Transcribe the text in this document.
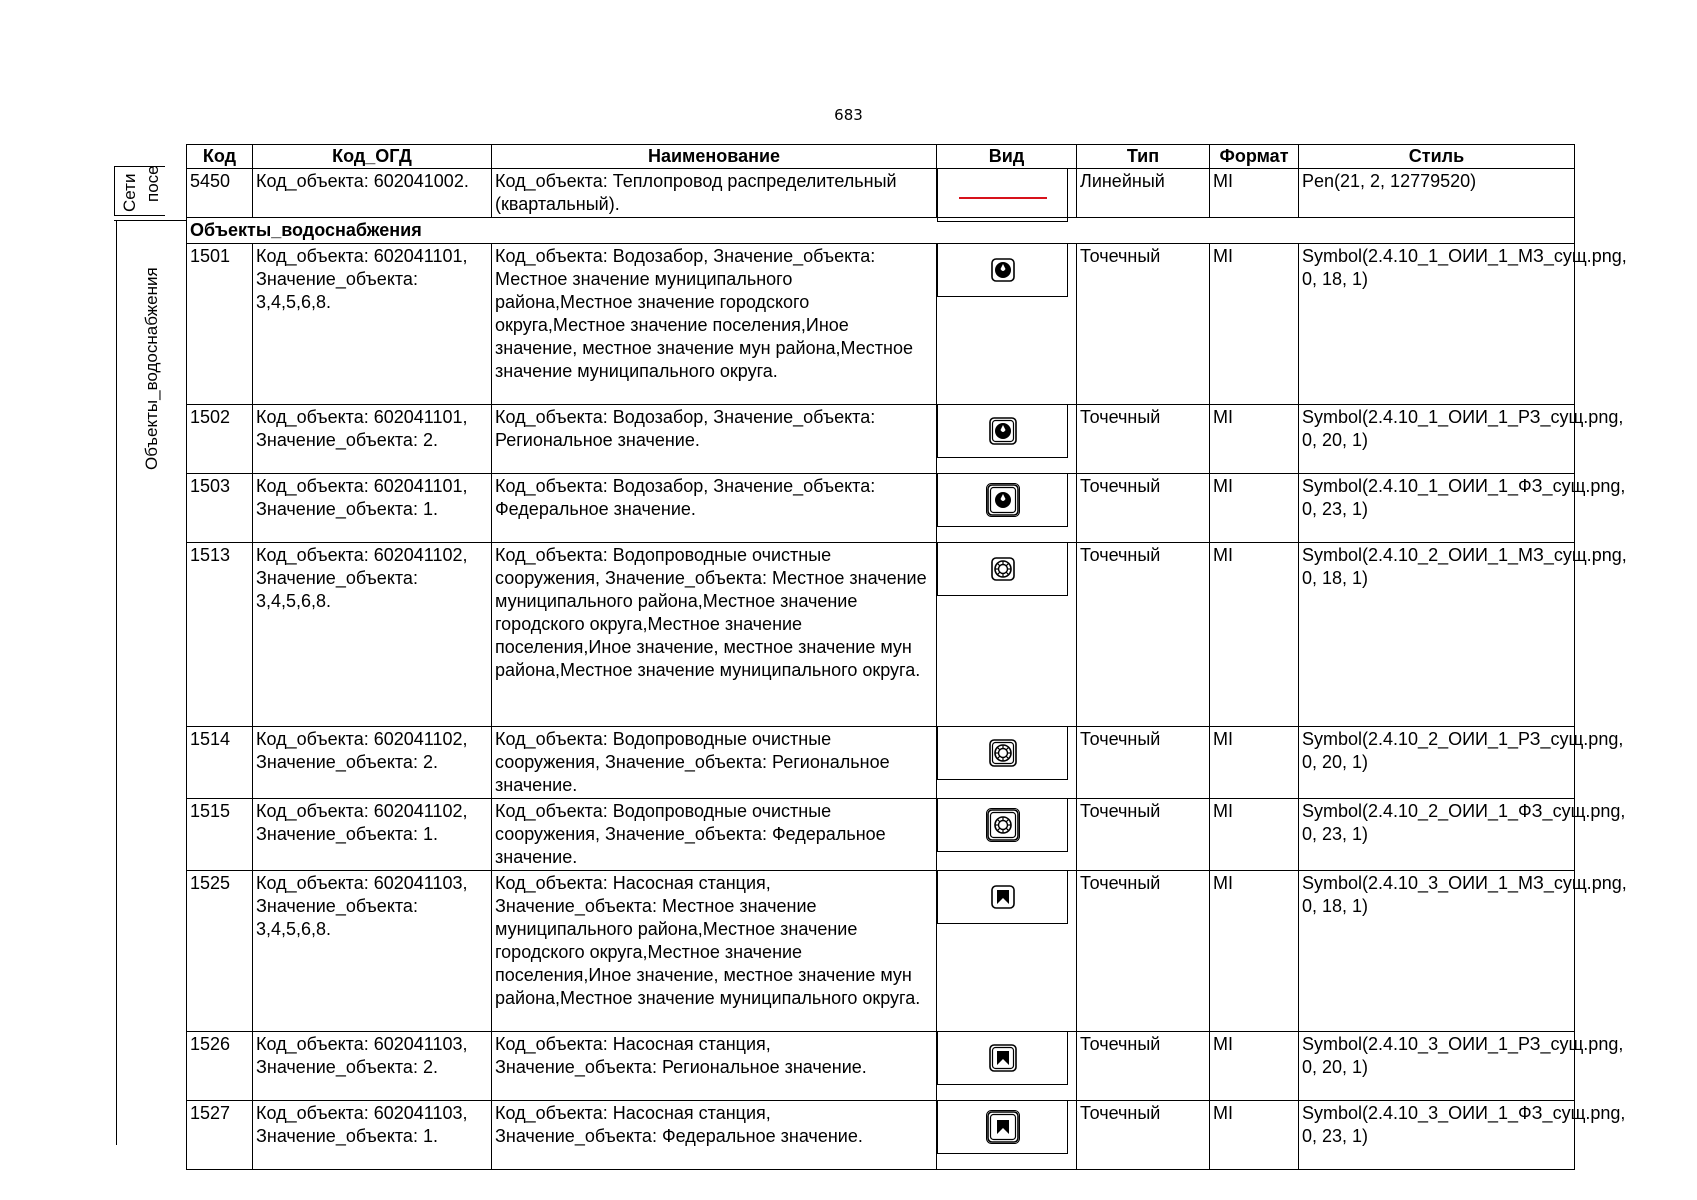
683
Сети посе
Объекты_водоснабжения
Код	Код_ОГД	Наименование	Вид	Тип	Формат	Стиль
5450	Код_объекта: 602041002.	Код_объекта: Теплопровод распределительный (квартальный).		Линейный	MI	Pen(21, 2, 12779520)
Объекты_водоснабжения						
1501	Код_объекта: 602041101, Значение_объекта: 3,4,5,6,8.	Код_объекта: Водозабор, Значение_объекта: Местное значение муниципального района,Местное значение городского округа,Местное значение поселения,Иное значение, местное значение мун района,Местное значение муниципального округа.		Точечный	MI	Symbol(2.4.10_1_ОИИ_1_МЗ_сущ.png, 0, 18, 1)
1502	Код_объекта: 602041101, Значение_объекта: 2.	Код_объекта: Водозабор, Значение_объекта: Региональное значение.		Точечный	MI	Symbol(2.4.10_1_ОИИ_1_РЗ_сущ.png, 0, 20, 1)
1503	Код_объекта: 602041101, Значение_объекта: 1.	Код_объекта: Водозабор, Значение_объекта: Федеральное значение.		Точечный	MI	Symbol(2.4.10_1_ОИИ_1_ФЗ_сущ.png, 0, 23, 1)
1513	Код_объекта: 602041102, Значение_объекта: 3,4,5,6,8.	Код_объекта: Водопроводные очистные сооружения, Значение_объекта: Местное значение муниципального района,Местное значение городского округа,Местное значение поселения,Иное значение, местное значение мун района,Местное значение муниципального округа.		Точечный	MI	Symbol(2.4.10_2_ОИИ_1_МЗ_сущ.png, 0, 18, 1)
1514	Код_объекта: 602041102, Значение_объекта: 2.	Код_объекта: Водопроводные очистные сооружения, Значение_объекта: Региональное значение.		Точечный	MI	Symbol(2.4.10_2_ОИИ_1_РЗ_сущ.png, 0, 20, 1)
1515	Код_объекта: 602041102, Значение_объекта: 1.	Код_объекта: Водопроводные очистные сооружения, Значение_объекта: Федеральное значение.		Точечный	MI	Symbol(2.4.10_2_ОИИ_1_ФЗ_сущ.png, 0, 23, 1)
1525	Код_объекта: 602041103, Значение_объекта: 3,4,5,6,8.	Код_объекта: Насосная станция, Значение_объекта: Местное значение муниципального района,Местное значение городского округа,Местное значение поселения,Иное значение, местное значение мун района,Местное значение муниципального округа.		Точечный	MI	Symbol(2.4.10_3_ОИИ_1_МЗ_сущ.png, 0, 18, 1)
1526	Код_объекта: 602041103, Значение_объекта: 2.	Код_объекта: Насосная станция, Значение_объекта: Региональное значение.		Точечный	MI	Symbol(2.4.10_3_ОИИ_1_РЗ_сущ.png, 0, 20, 1)
1527	Код_объекта: 602041103, Значение_объекта: 1.	Код_объекта: Насосная станция, Значение_объекта: Федеральное значение.		Точечный	MI	Symbol(2.4.10_3_ОИИ_1_ФЗ_сущ.png, 0, 23, 1)
